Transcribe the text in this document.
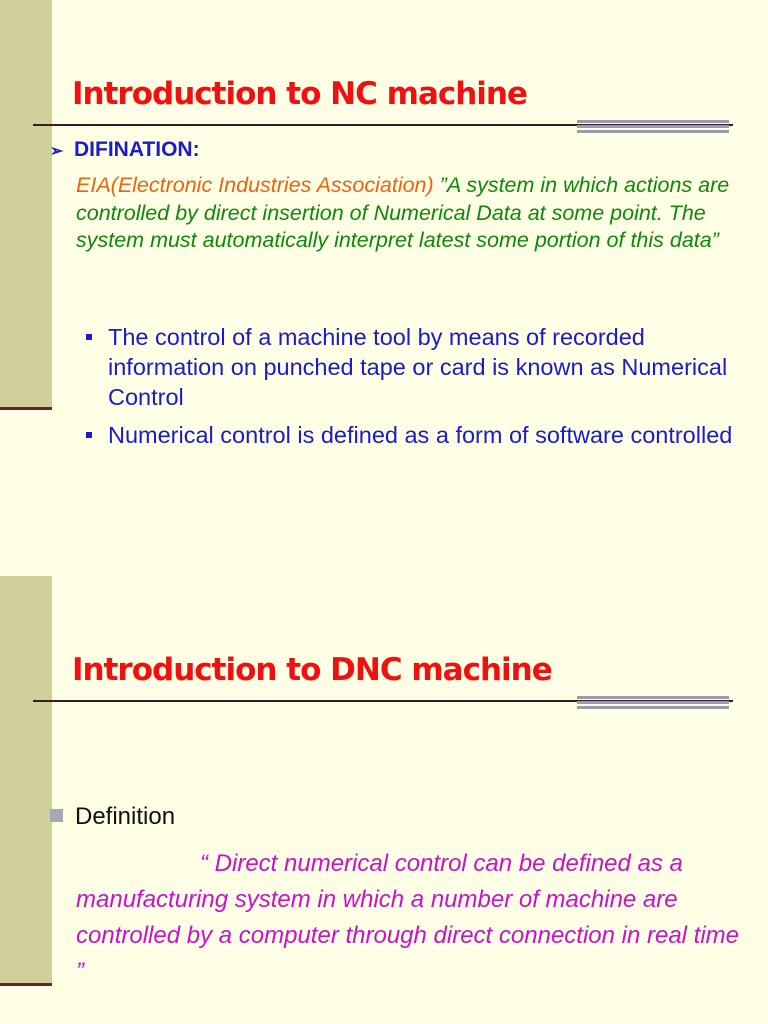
Introduction to NC machine
➢ DIFINATION:
EIA(Electronic Industries Association) ”A system in which actions are controlled by direct insertion of Numerical Data at some point. The system must automatically interpret latest some portion of this data”
The control of a machine tool by means of recorded information on punched tape or card is known as Numerical Control
Numerical control is defined as a form of software controlled
Introduction to DNC machine
Definition

“ Direct numerical control can be defined as a manufacturing system in which a number of machine are controlled by a computer through direct connection in real time ”
